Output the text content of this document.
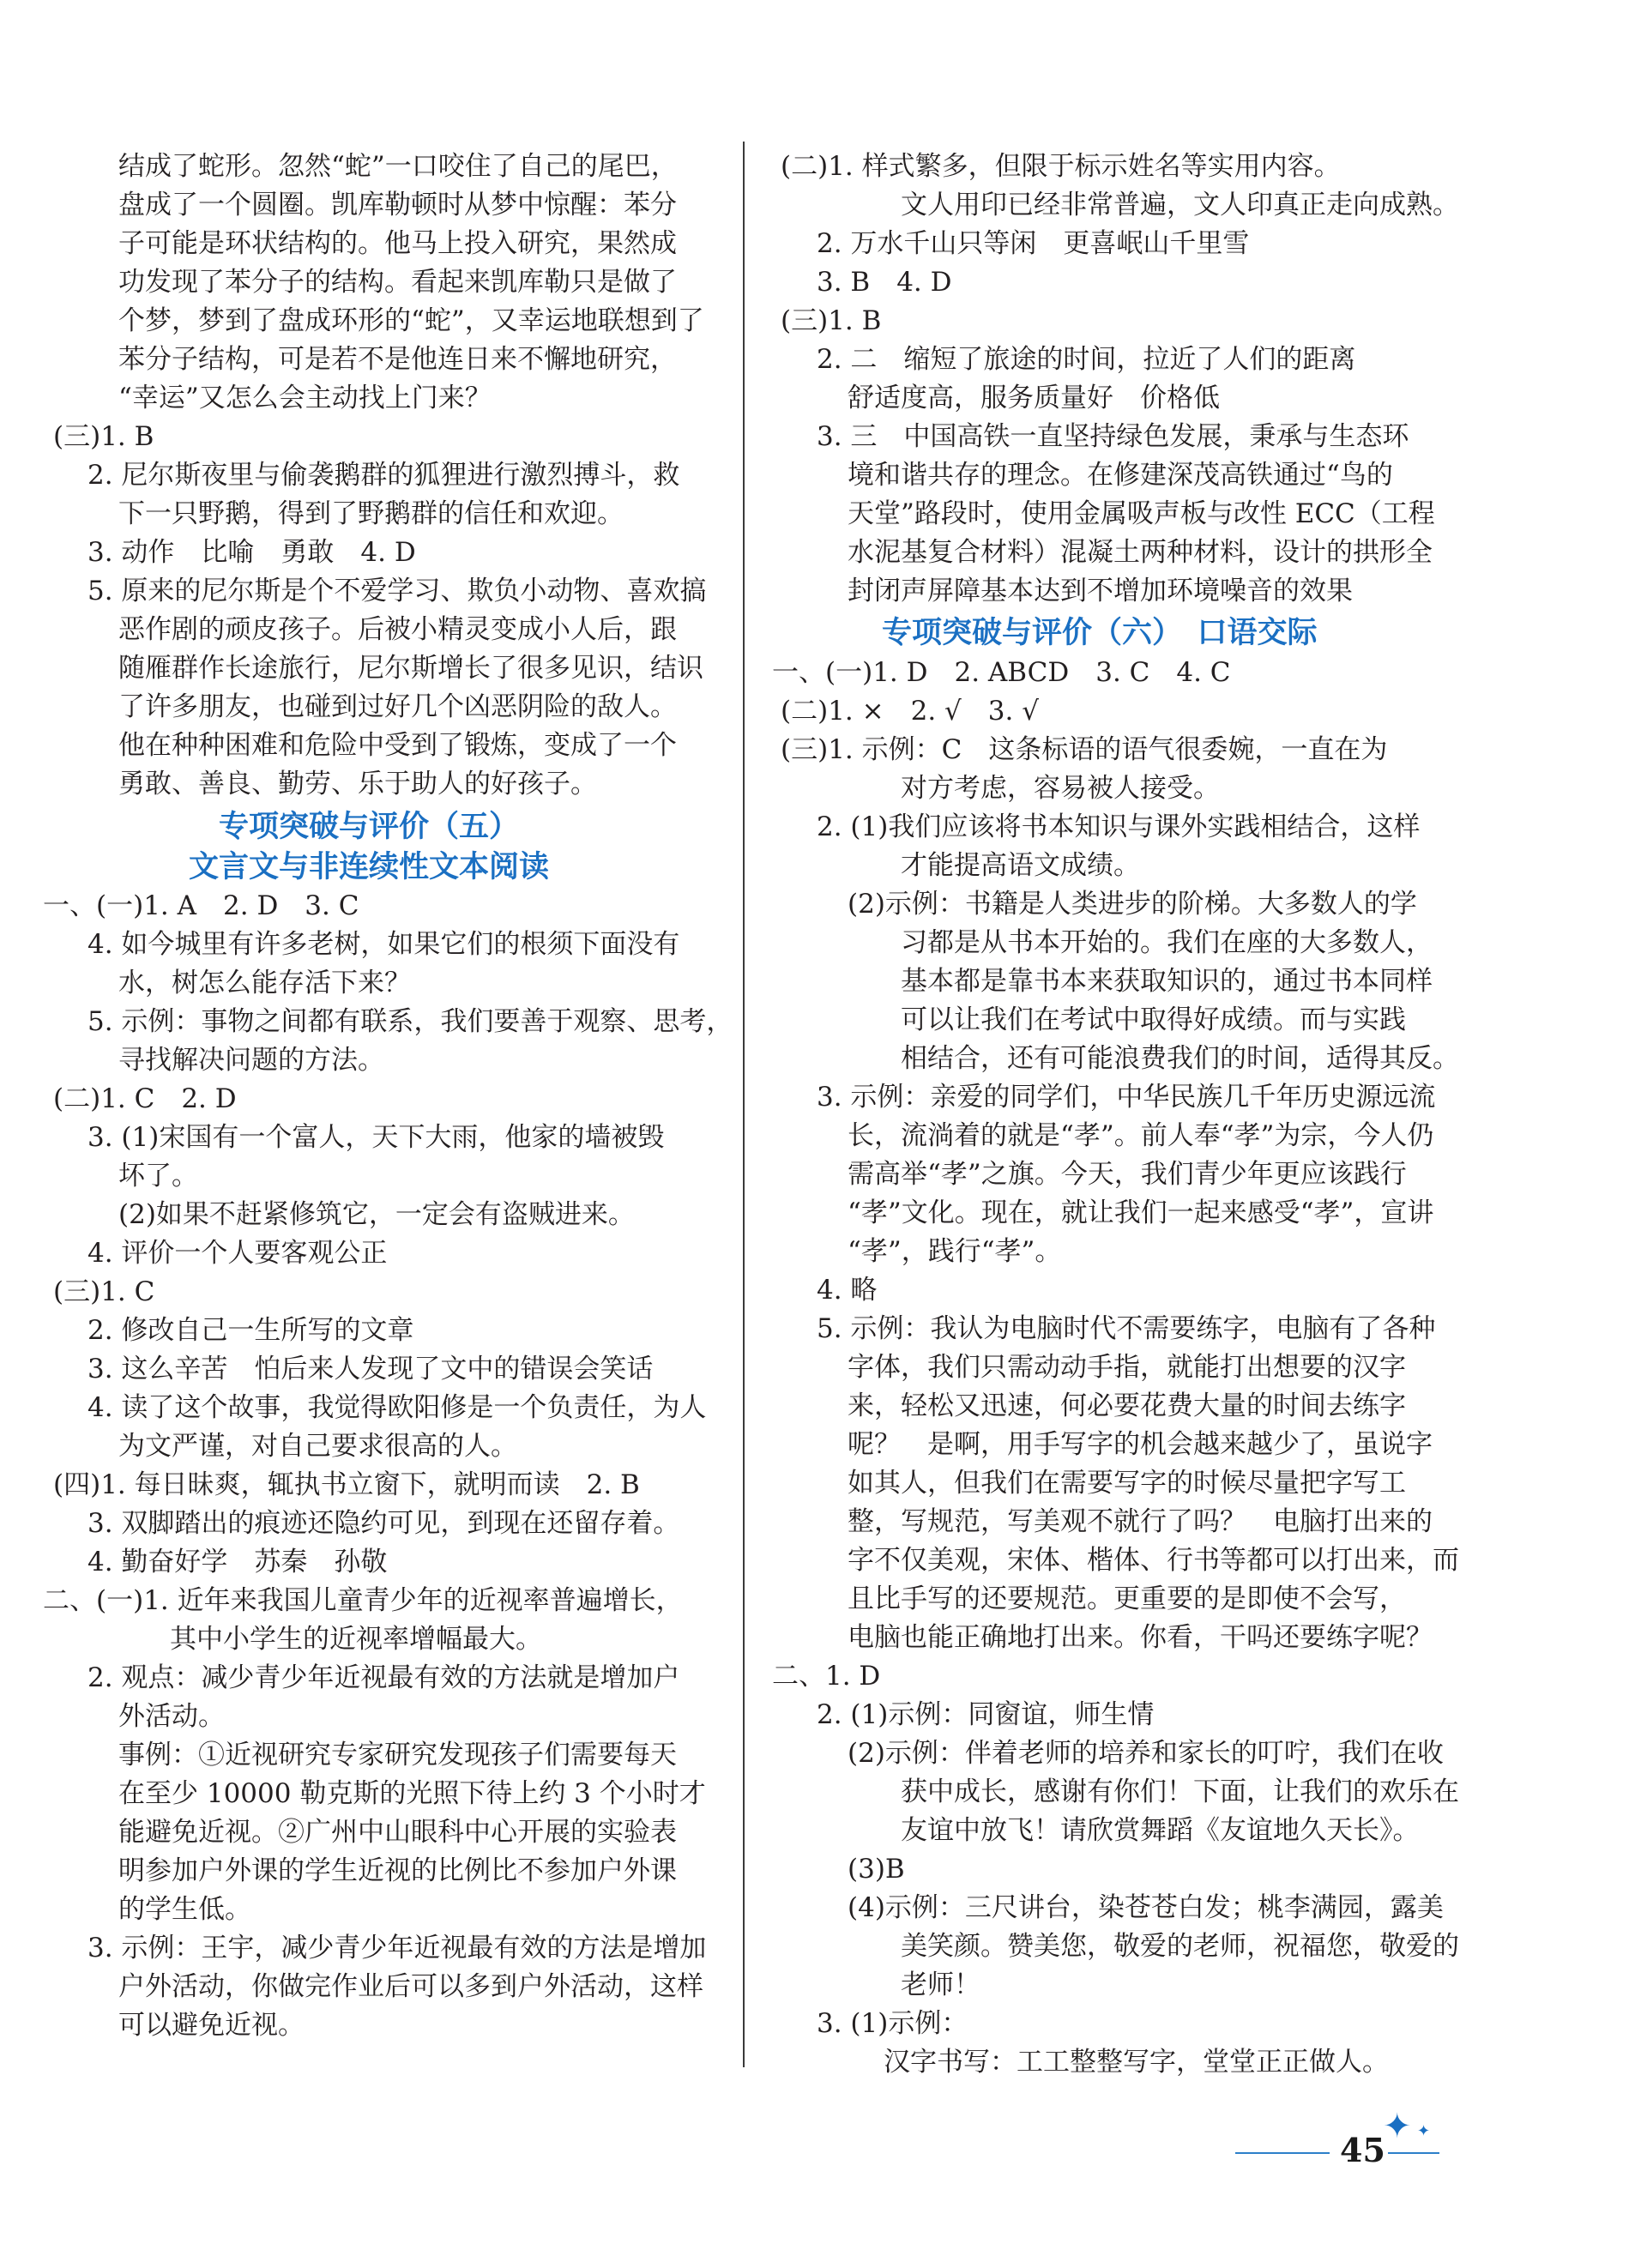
结成了蛇形。忽然“蛇”一口咬住了自己的尾巴，
盘成了一个圆圈。凯库勒顿时从梦中惊醒：苯分
子可能是环状结构的。他马上投入研究，果然成
功发现了苯分子的结构。看起来凯库勒只是做了
个梦，梦到了盘成环形的“蛇”，又幸运地联想到了
苯分子结构，可是若不是他连日来不懈地研究，
“幸运”又怎么会主动找上门来？
(三)1. B
2. 尼尔斯夜里与偷袭鹅群的狐狸进行激烈搏斗，救
下一只野鹅，得到了野鹅群的信任和欢迎。
3. 动作　比喻　勇敢　4. D
5. 原来的尼尔斯是个不爱学习、欺负小动物、喜欢搞
恶作剧的顽皮孩子。后被小精灵变成小人后，跟
随雁群作长途旅行，尼尔斯增长了很多见识，结识
了许多朋友，也碰到过好几个凶恶阴险的敌人。
他在种种困难和危险中受到了锻炼，变成了一个
勇敢、善良、勤劳、乐于助人的好孩子。
一、(一)1. A　2. D　3. C
4. 如今城里有许多老树，如果它们的根须下面没有
水，树怎么能存活下来？
5. 示例：事物之间都有联系，我们要善于观察、思考，
寻找解决问题的方法。
(二)1. C　2. D
3. (1)宋国有一个富人，天下大雨，他家的墙被毁
坏了。
(2)如果不赶紧修筑它，一定会有盗贼进来。
4. 评价一个人要客观公正
(三)1. C
2. 修改自己一生所写的文章
3. 这么辛苦　怕后来人发现了文中的错误会笑话
4. 读了这个故事，我觉得欧阳修是一个负责任，为人
为文严谨，对自己要求很高的人。
(四)1. 每日昧爽，辄执书立窗下，就明而读　2. B
3. 双脚踏出的痕迹还隐约可见，到现在还留存着。
4. 勤奋好学　苏秦　孙敬
二、(一)1. 近年来我国儿童青少年的近视率普遍增长，
其中小学生的近视率增幅最大。
2. 观点：减少青少年近视最有效的方法就是增加户
外活动。
事例：①近视研究专家研究发现孩子们需要每天
在至少 10000 勒克斯的光照下待上约 3 个小时才
能避免近视。②广州中山眼科中心开展的实验表
明参加户外课的学生近视的比例比不参加户外课
的学生低。
3. 示例：王宇，减少青少年近视最有效的方法是增加
户外活动，你做完作业后可以多到户外活动，这样
可以避免近视。
专项突破与评价（五）
文言文与非连续性文本阅读
(二)1. 样式繁多，但限于标示姓名等实用内容。
文人用印已经非常普遍，文人印真正走向成熟。
2. 万水千山只等闲　更喜岷山千里雪
3. B　4. D
(三)1. B
2. 二　缩短了旅途的时间，拉近了人们的距离
舒适度高，服务质量好　价格低
3. 三　中国高铁一直坚持绿色发展，秉承与生态环
境和谐共存的理念。在修建深茂高铁通过“鸟的
天堂”路段时，使用金属吸声板与改性 ECC（工程
水泥基复合材料）混凝土两种材料，设计的拱形全
封闭声屏障基本达到不增加环境噪音的效果
一、(一)1. D　2. ABCD　3. C　4. C
(二)1. ×　2. √　3. √
(三)1. 示例：C　这条标语的语气很委婉，一直在为
对方考虑，容易被人接受。
2. (1)我们应该将书本知识与课外实践相结合，这样
才能提高语文成绩。
(2)示例：书籍是人类进步的阶梯。大多数人的学
习都是从书本开始的。我们在座的大多数人，
基本都是靠书本来获取知识的，通过书本同样
可以让我们在考试中取得好成绩。而与实践
相结合，还有可能浪费我们的时间，适得其反。
3. 示例：亲爱的同学们，中华民族几千年历史源远流
长，流淌着的就是“孝”。前人奉“孝”为宗，今人仍
需高举“孝”之旗。今天，我们青少年更应该践行
“孝”文化。现在，就让我们一起来感受“孝”，宣讲
“孝”，践行“孝”。
4. 略
5. 示例：我认为电脑时代不需要练字，电脑有了各种
字体，我们只需动动手指，就能打出想要的汉字
来，轻松又迅速，何必要花费大量的时间去练字
呢？　是啊，用手写字的机会越来越少了，虽说字
如其人，但我们在需要写字的时候尽量把字写工
整，写规范，写美观不就行了吗？　电脑打出来的
字不仅美观，宋体、楷体、行书等都可以打出来，而
且比手写的还要规范。更重要的是即使不会写，
电脑也能正确地打出来。你看，干吗还要练字呢？
二、1. D
2. (1)示例：同窗谊，师生情
(2)示例：伴着老师的培养和家长的叮咛，我们在收
获中成长，感谢有你们！下面，让我们的欢乐在
友谊中放飞！请欣赏舞蹈《友谊地久天长》。
(3)B
(4)示例：三尺讲台，染苍苍白发；桃李满园，露美
美笑颜。赞美您，敬爱的老师，祝福您，敬爱的
老师！
3. (1)示例：
汉字书写：工工整整写字，堂堂正正做人。
专项突破与评价（六）　口语交际
45
✦ ✦
